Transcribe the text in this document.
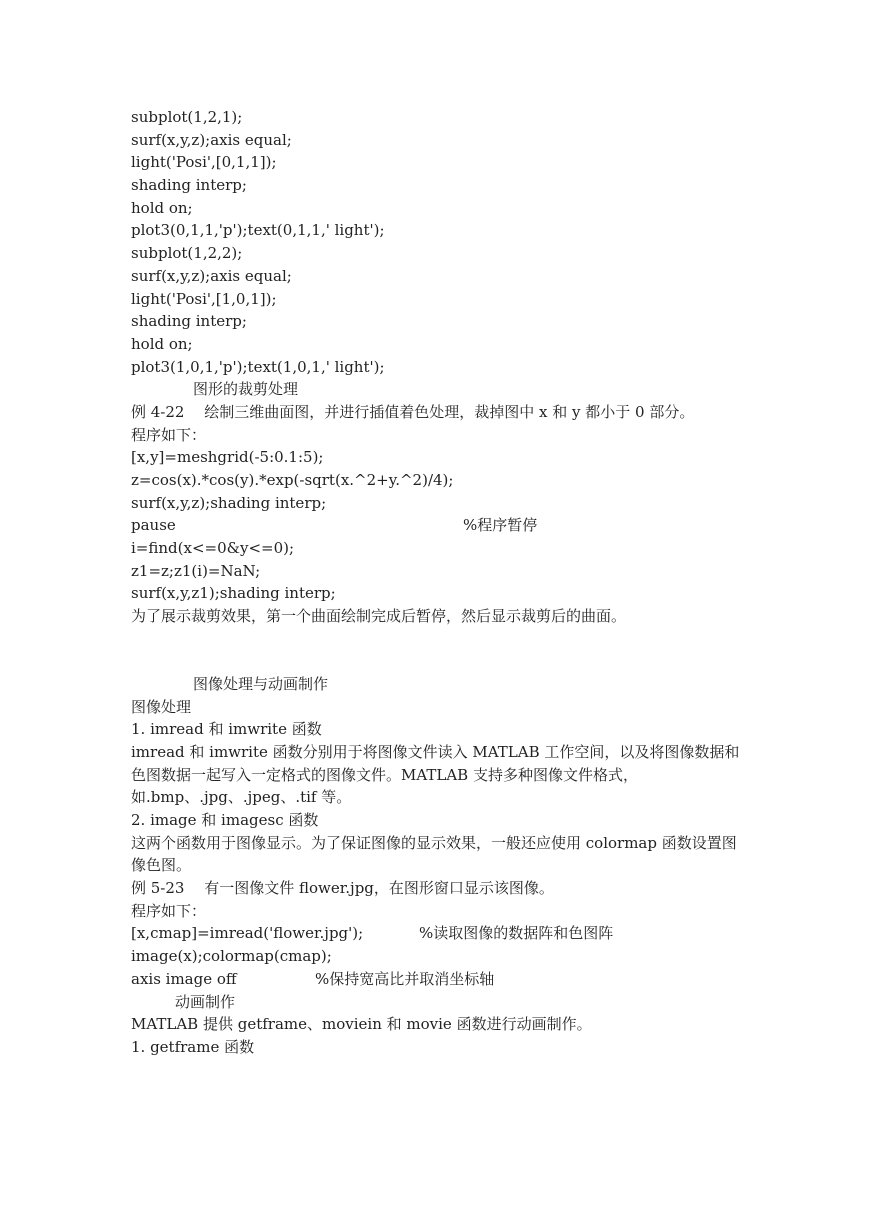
subplot(1,2,1);
surf(x,y,z);axis equal;
light('Posi',[0,1,1]);
shading interp;
hold on;
plot3(0,1,1,'p');text(0,1,1,' light');
subplot(1,2,2);
surf(x,y,z);axis equal;
light('Posi',[1,0,1]);
shading interp;
hold on;
plot3(1,0,1,'p');text(1,0,1,' light');
图形的裁剪处理
例 4-22　 绘制三维曲面图，并进行插值着色处理，裁掉图中 x 和 y 都小于 0 部分。
程序如下：
[x,y]=meshgrid(-5:0.1:5);
z=cos(x).*cos(y).*exp(-sqrt(x.^2+y.^2)/4);
surf(x,y,z);shading interp;
pause	%程序暂停
i=find(x<=0&y<=0);
z1=z;z1(i)=NaN;
surf(x,y,z1);shading interp;
为了展示裁剪效果，第一个曲面绘制完成后暂停，然后显示裁剪后的曲面。
图像处理与动画制作
图像处理
1. imread 和 imwrite 函数
imread 和 imwrite 函数分别用于将图像文件读入 MATLAB 工作空间，以及将图像数据和色图数据一起写入一定格式的图像文件。MATLAB 支持多种图像文件格式，如.bmp、.jpg、.jpeg、.tif 等。
2. image 和 imagesc 函数
这两个函数用于图像显示。为了保证图像的显示效果，一般还应使用 colormap 函数设置图像色图。
例 5-23　 有一图像文件 flower.jpg，在图形窗口显示该图像。
程序如下：
[x,cmap]=imread('flower.jpg');	%读取图像的数据阵和色图阵
image(x);colormap(cmap);
axis image off	%保持宽高比并取消坐标轴
动画制作
MATLAB 提供 getframe、moviein 和 movie 函数进行动画制作。
1. getframe 函数
